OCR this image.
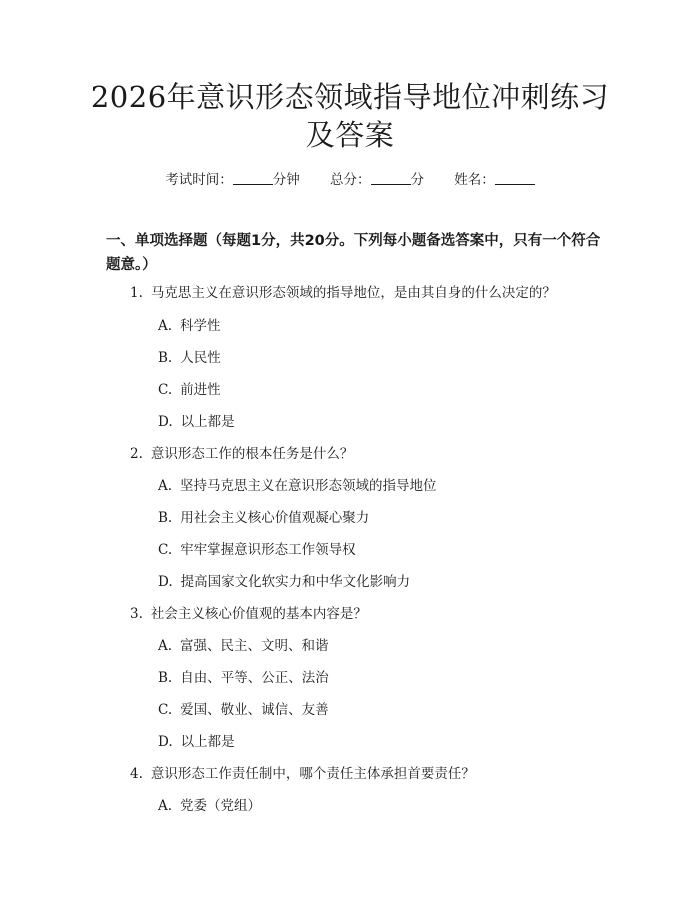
2026年意识形态领域指导地位冲刺练习及答案
考试时间：	分钟 总分：	分 姓名：
一、单项选择题（每题1分，共20分。下列每小题备选答案中，只有一个符合题意。）
1. 马克思主义在意识形态领域的指导地位，是由其自身的什么决定的？
A. 科学性
B. 人民性
C. 前进性
D. 以上都是
2. 意识形态工作的根本任务是什么？
A. 坚持马克思主义在意识形态领域的指导地位
B. 用社会主义核心价值观凝心聚力
C. 牢牢掌握意识形态工作领导权
D. 提高国家文化软实力和中华文化影响力
3. 社会主义核心价值观的基本内容是？
A. 富强、民主、文明、和谐
B. 自由、平等、公正、法治
C. 爱国、敬业、诚信、友善
D. 以上都是
4. 意识形态工作责任制中，哪个责任主体承担首要责任？
A. 党委（党组）
